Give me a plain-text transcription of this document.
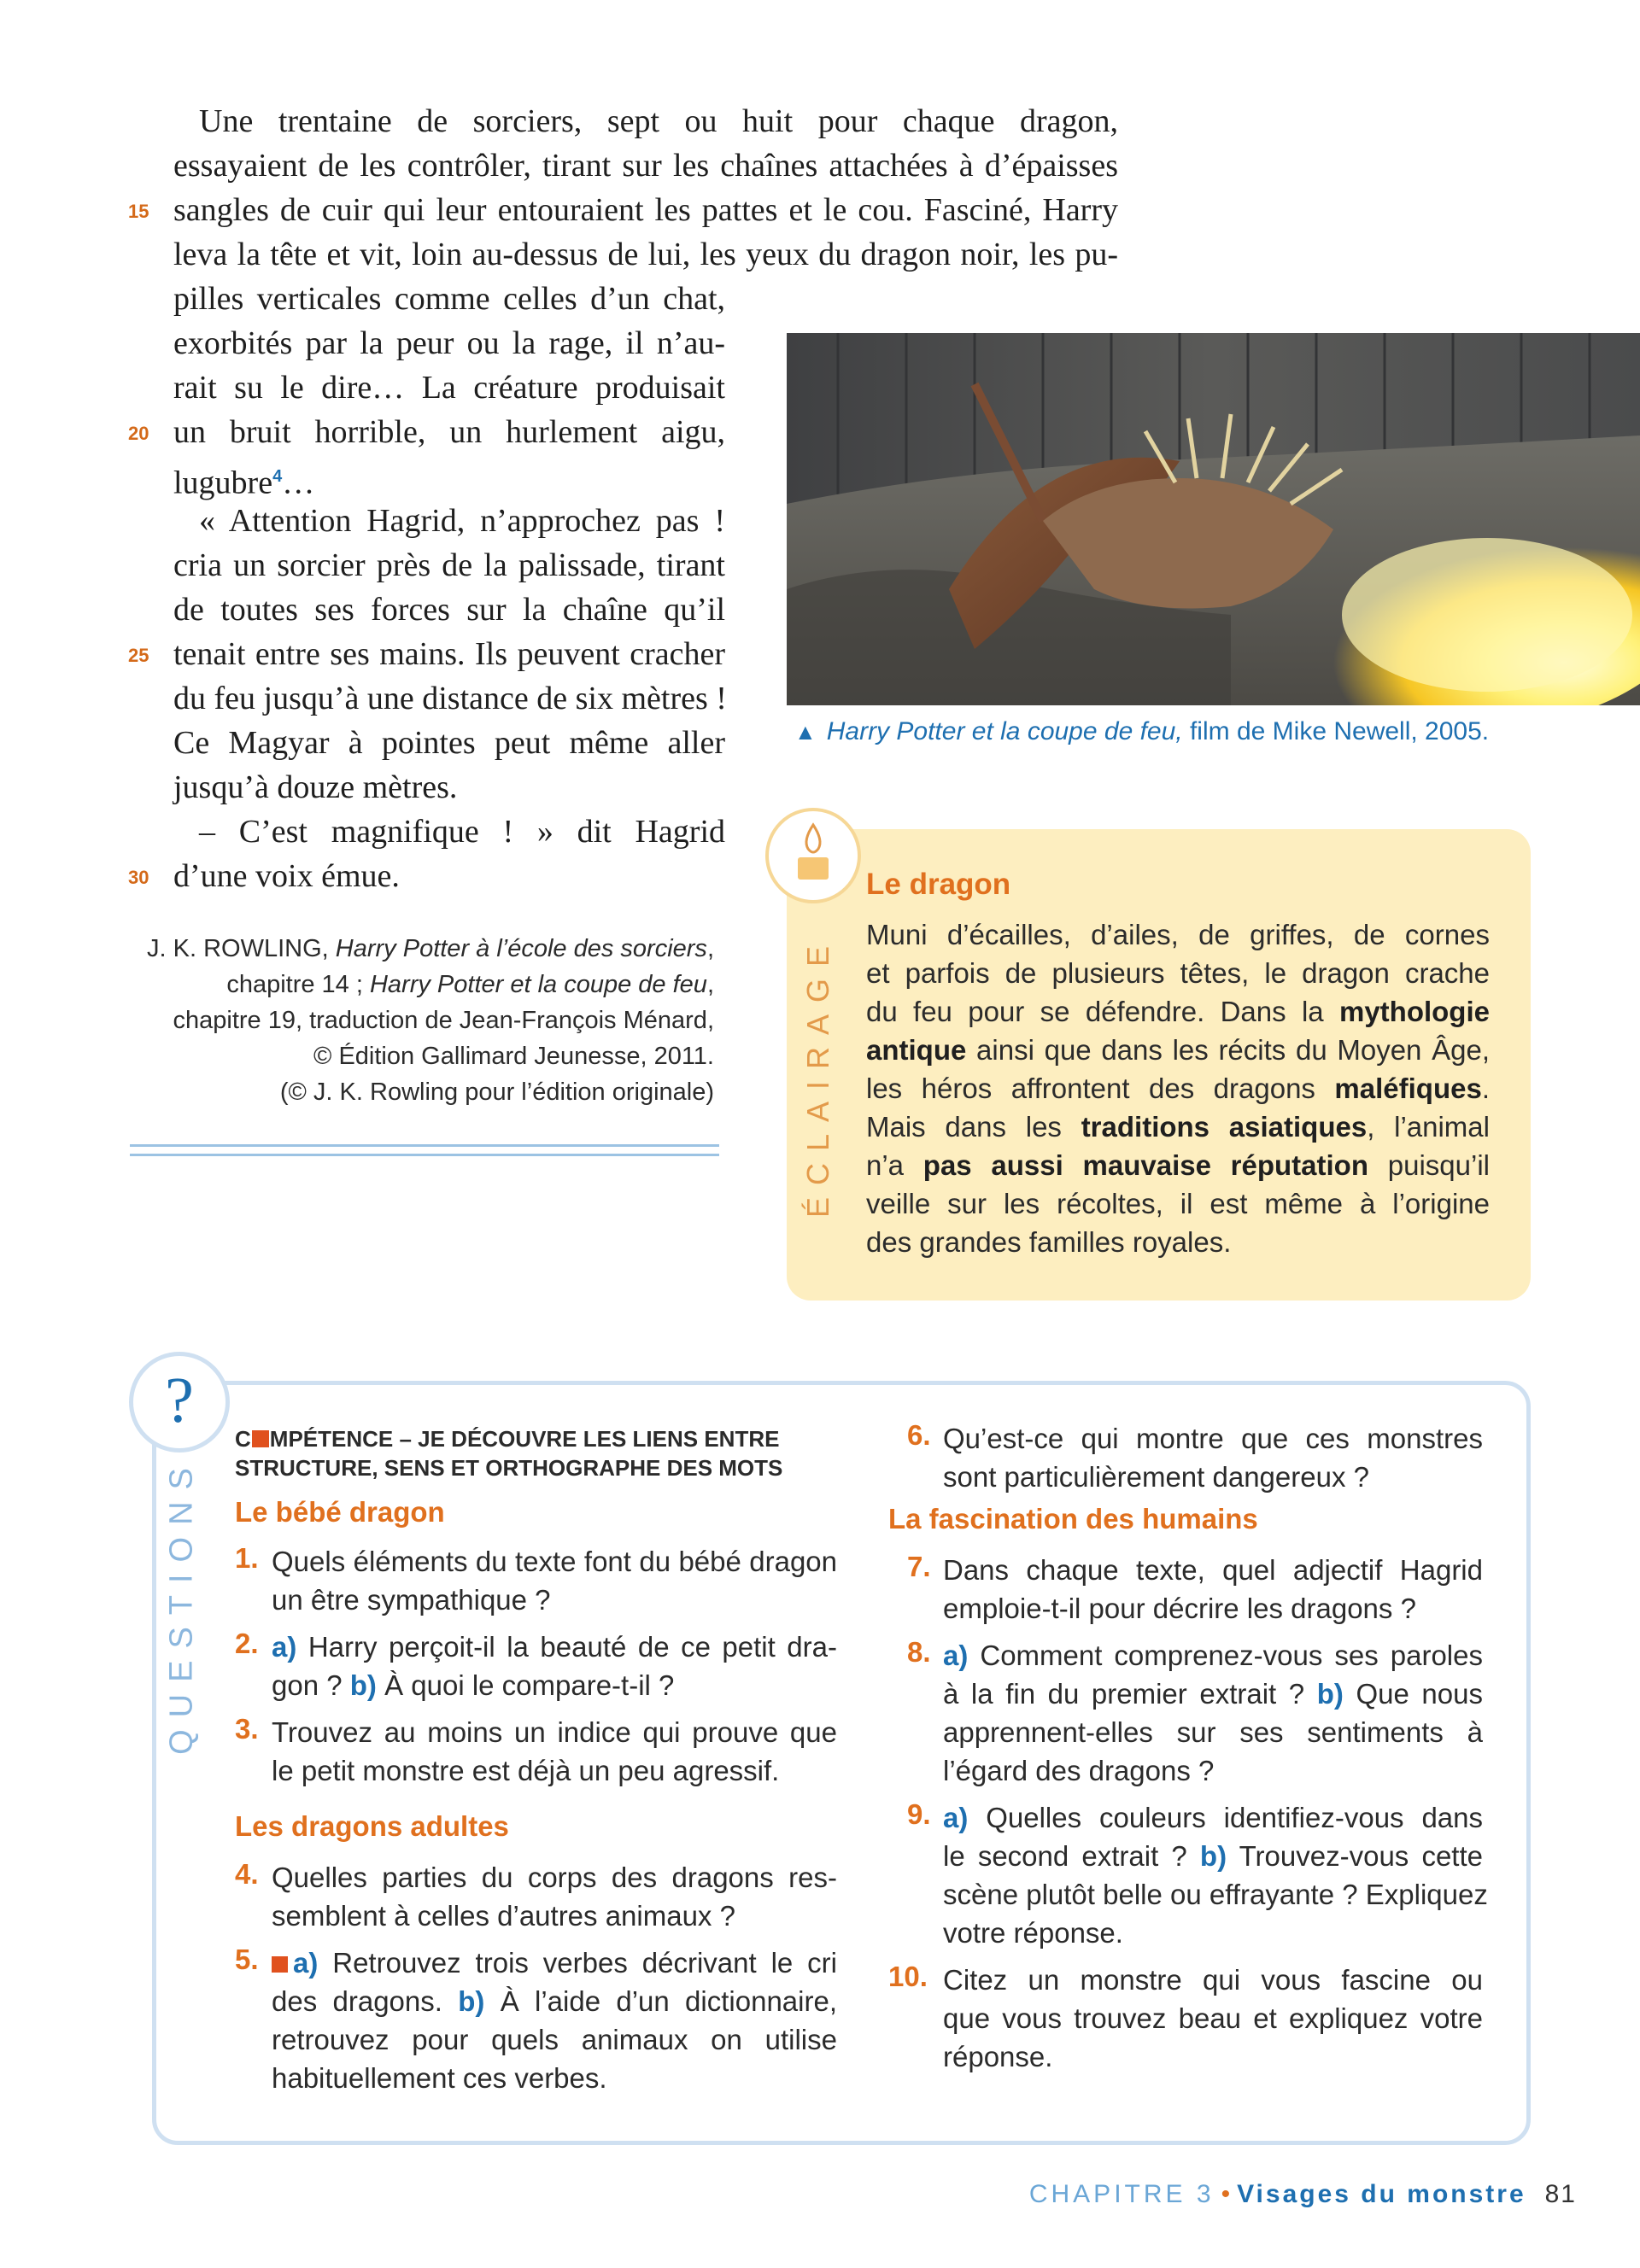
Une trentaine de sorciers, sept ou huit pour chaque dragon,
essayaient de les contrôler, tirant sur les chaînes attachées à d’épaisses
sangles de cuir qui leur entouraient les pattes et le cou. Fasciné, Harry
leva la tête et vit, loin au-dessus de lui, les yeux du dragon noir, les pu-
pilles verticales comme celles d’un chat,
exorbités par la peur ou la rage, il n’au-
rait su le dire… La créature produisait
un bruit horrible, un hurlement aigu,
lugubre$^4$…
« Attention Hagrid, n’approchez pas !
cria un sorcier près de la palissade, tirant
de toutes ses forces sur la chaîne qu’il
tenait entre ses mains. Ils peuvent cracher
du feu jusqu’à une distance de six mètres !
Ce Magyar à pointes peut même aller
jusqu’à douze mètres.
– C’est magnifique ! » dit Hagrid
d’une voix émue.
15
20
25
30
J. K. ROWLING, Harry Potter à l’école des sorciers,
chapitre 14 ; Harry Potter et la coupe de feu,
chapitre 19, traduction de Jean-François Ménard,
© Édition Gallimard Jeunesse, 2011.
(© J. K. Rowling pour l’édition originale)
▲ Harry Potter et la coupe de feu, film de Mike Newell, 2005.
ÉCLAIRAGE
Le dragon
Muni d’écailles, d’ailes, de griffes, de cornes
et parfois de plusieurs têtes, le dragon crache
du feu pour se défendre. Dans la mythologie
antique ainsi que dans les récits du Moyen Âge,
les héros affrontent des dragons maléfiques.
Mais dans les traditions asiatiques, l’animal
n’a pas aussi mauvaise réputation puisqu’il
veille sur les récoltes, il est même à l’origine
des grandes familles royales.
?
QUESTIONS
C MPÉTENCE – JE DÉCOUVRE LES LIENS ENTRE
STRUCTURE, SENS ET ORTHOGRAPHE DES MOTS
Le bébé dragon
1. Quels éléments du texte font du bébé dragon
un être sympathique ?
2. a) Harry perçoit-il la beauté de ce petit dra-
gon ? b) À quoi le compare-t-il ?
3. Trouvez au moins un indice qui prouve que
le petit monstre est déjà un peu agressif.
Les dragons adultes
4. Quelles parties du corps des dragons res-
semblent à celles d’autres animaux ?
5.	a) Retrouvez trois verbes décrivant le cri
des dragons. b) À l’aide d’un dictionnaire,
retrouvez pour quels animaux on utilise
habituellement ces verbes.
6. Qu’est-ce qui montre que ces monstres
sont particulièrement dangereux ?
La fascination des humains
7. Dans chaque texte, quel adjectif Hagrid
emploie-t-il pour décrire les dragons ?
8. a) Comment comprenez-vous ses paroles
à la fin du premier extrait ? b) Que nous
apprennent-elles sur ses sentiments à
l’égard des dragons ?
9. a) Quelles couleurs identifiez-vous dans
le second extrait ? b) Trouvez-vous cette
scène plutôt belle ou effrayante ? Expliquez
votre réponse.
10. Citez un monstre qui vous fascine ou
que vous trouvez beau et expliquez votre
réponse.
CHAPITRE 3 • Visages du monstre 81
